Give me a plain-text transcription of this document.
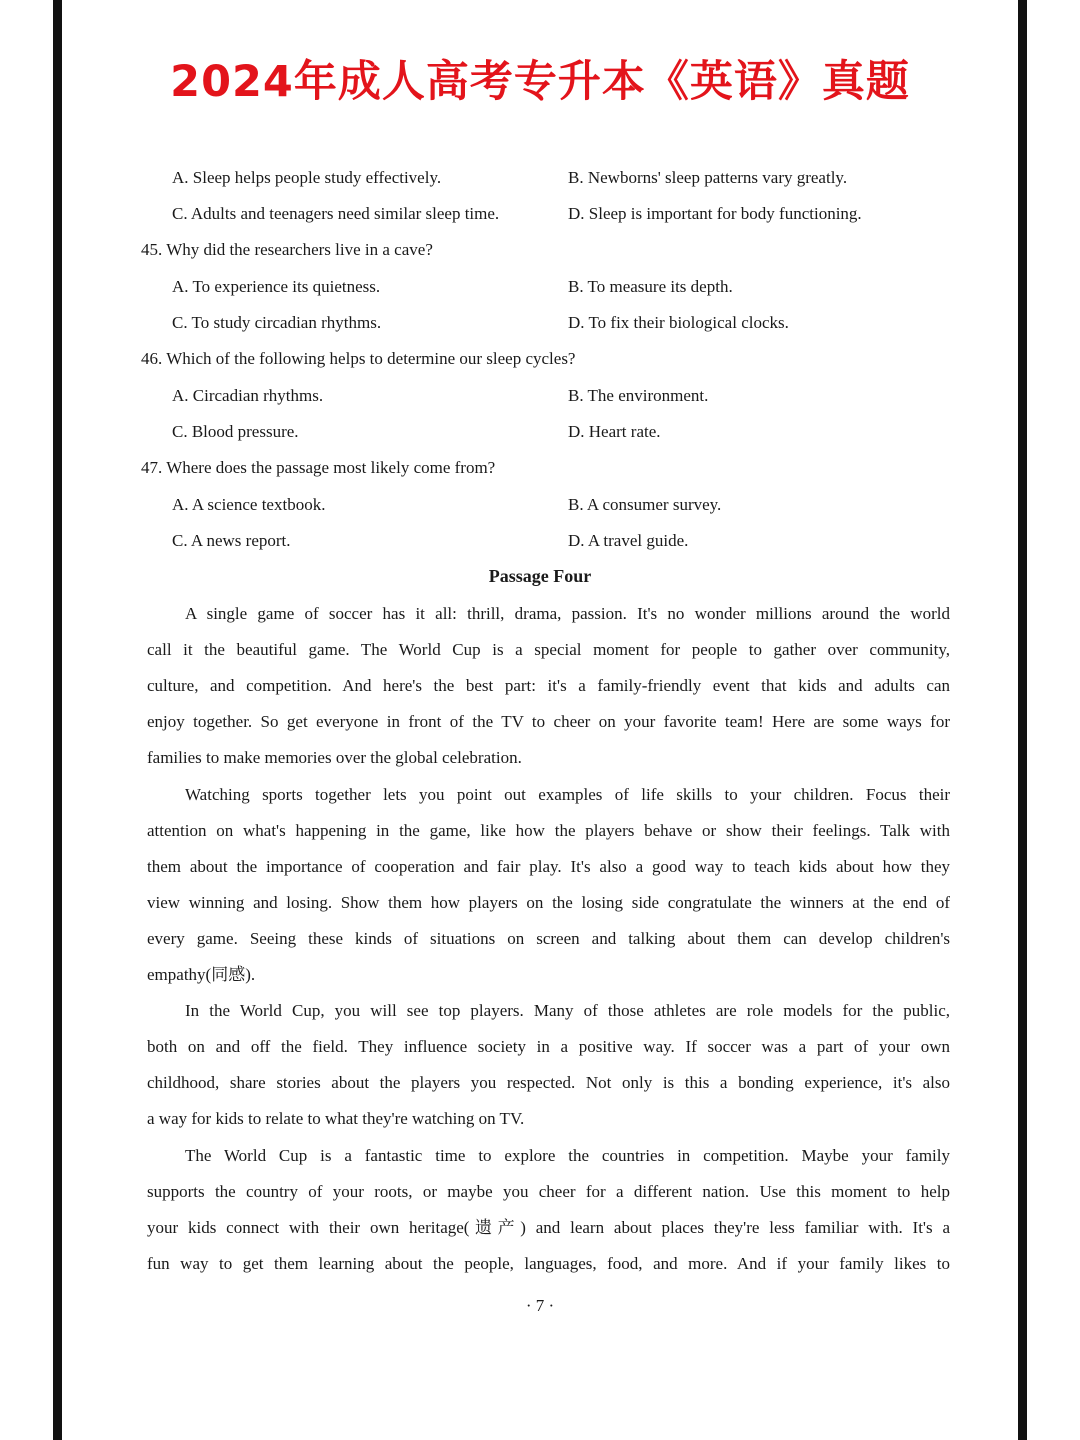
2024年成人高考专升本《英语》真题
A. Sleep helps people study effectively.	B. Newborns' sleep patterns vary greatly.
C. Adults and teenagers need similar sleep time.	D. Sleep is important for body functioning.
45. Why did the researchers live in a cave?
A. To experience its quietness.	B. To measure its depth.
C. To study circadian rhythms.	D. To fix their biological clocks.
46. Which of the following helps to determine our sleep cycles?
A. Circadian rhythms.	B. The environment.
C. Blood pressure.	D. Heart rate.
47. Where does the passage most likely come from?
A. A science textbook.	B. A consumer survey.
C. A news report.	D. A travel guide.
Passage Four
A single game of soccer has it all: thrill, drama, passion. It's no wonder millions around the world
call it the beautiful game. The World Cup is a special moment for people to gather over community,
culture, and competition. And here's the best part: it's a family-friendly event that kids and adults can
enjoy together. So get everyone in front of the TV to cheer on your favorite team! Here are some ways for
families to make memories over the global celebration.
Watching sports together lets you point out examples of life skills to your children. Focus their
attention on what's happening in the game, like how the players behave or show their feelings. Talk with
them about the importance of cooperation and fair play. It's also a good way to teach kids about how they
view winning and losing. Show them how players on the losing side congratulate the winners at the end of
every game. Seeing these kinds of situations on screen and talking about them can develop children's
empathy(同感).
In the World Cup, you will see top players. Many of those athletes are role models for the public,
both on and off the field. They influence society in a positive way. If soccer was a part of your own
childhood, share stories about the players you respected. Not only is this a bonding experience, it's also
a way for kids to relate to what they're watching on TV.
The World Cup is a fantastic time to explore the countries in competition. Maybe your family
supports the country of your roots, or maybe you cheer for a different nation. Use this moment to help
your kids connect with their own heritage(遗产) and learn about places they're less familiar with. It's a
fun way to get them learning about the people, languages, food, and more. And if your family likes to
· 7 ·
